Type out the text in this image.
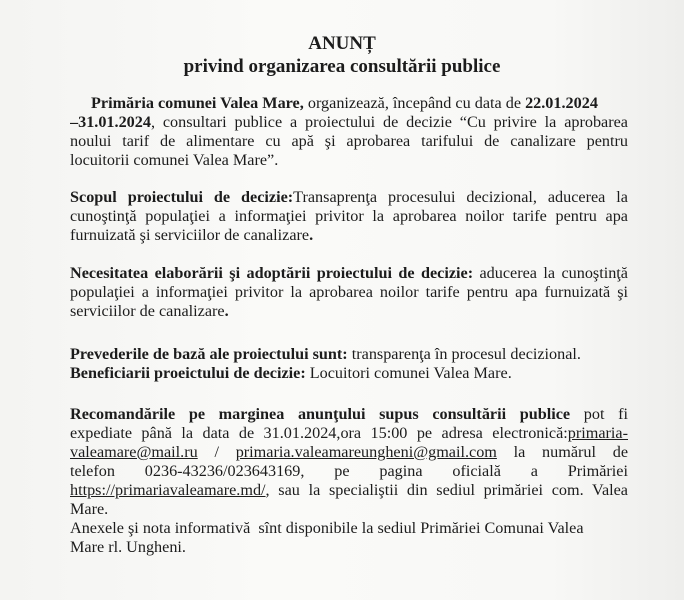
ANUNȚ
privind organizarea consultării publice
Primăria comunei Valea Mare, organizează, începând cu data de 22.01.2024
–31.01.2024, consultari publice a proiectului de decizie “Cu privire la aprobarea
noului tarif de alimentare cu apă şi aprobarea tarifului de canalizare pentru
locuitorii comunei Valea Mare”.
Scopul proiectului de decizie:Transaprenţa procesului decizional, aducerea la
cunoştinţă populaţiei a informaţiei privitor la aprobarea noilor tarife pentru apa
furnuizată şi serviciilor de canalizare.
Necesitatea elaborării şi adoptării proiectului de decizie: aducerea la cunoştinţă
populaţiei a informaţiei privitor la aprobarea noilor tarife pentru apa furnuizată şi
serviciilor de canalizare.
Prevederile de bază ale proiectului sunt: transparenţa în procesul decizional.
Beneficiarii proeictului de decizie: Locuitori comunei Valea Mare.
Recomandările pe marginea anunţului supus consultării publice pot fi
expediate până la data de 31.01.2024,ora 15:00 pe adresa electronică:primaria-
valeamare@mail.ru / primaria.valeamareungheni@gmail.com la numărul de
telefon 0236-43236/023643169, pe pagina oficială a Primăriei
https://primariavaleamare.md/, sau la specialiştii din sediul primăriei com. Valea
Mare.
Anexele şi nota informativă  sînt disponibile la sediul Primăriei Comunai Valea
Mare rl. Ungheni.
